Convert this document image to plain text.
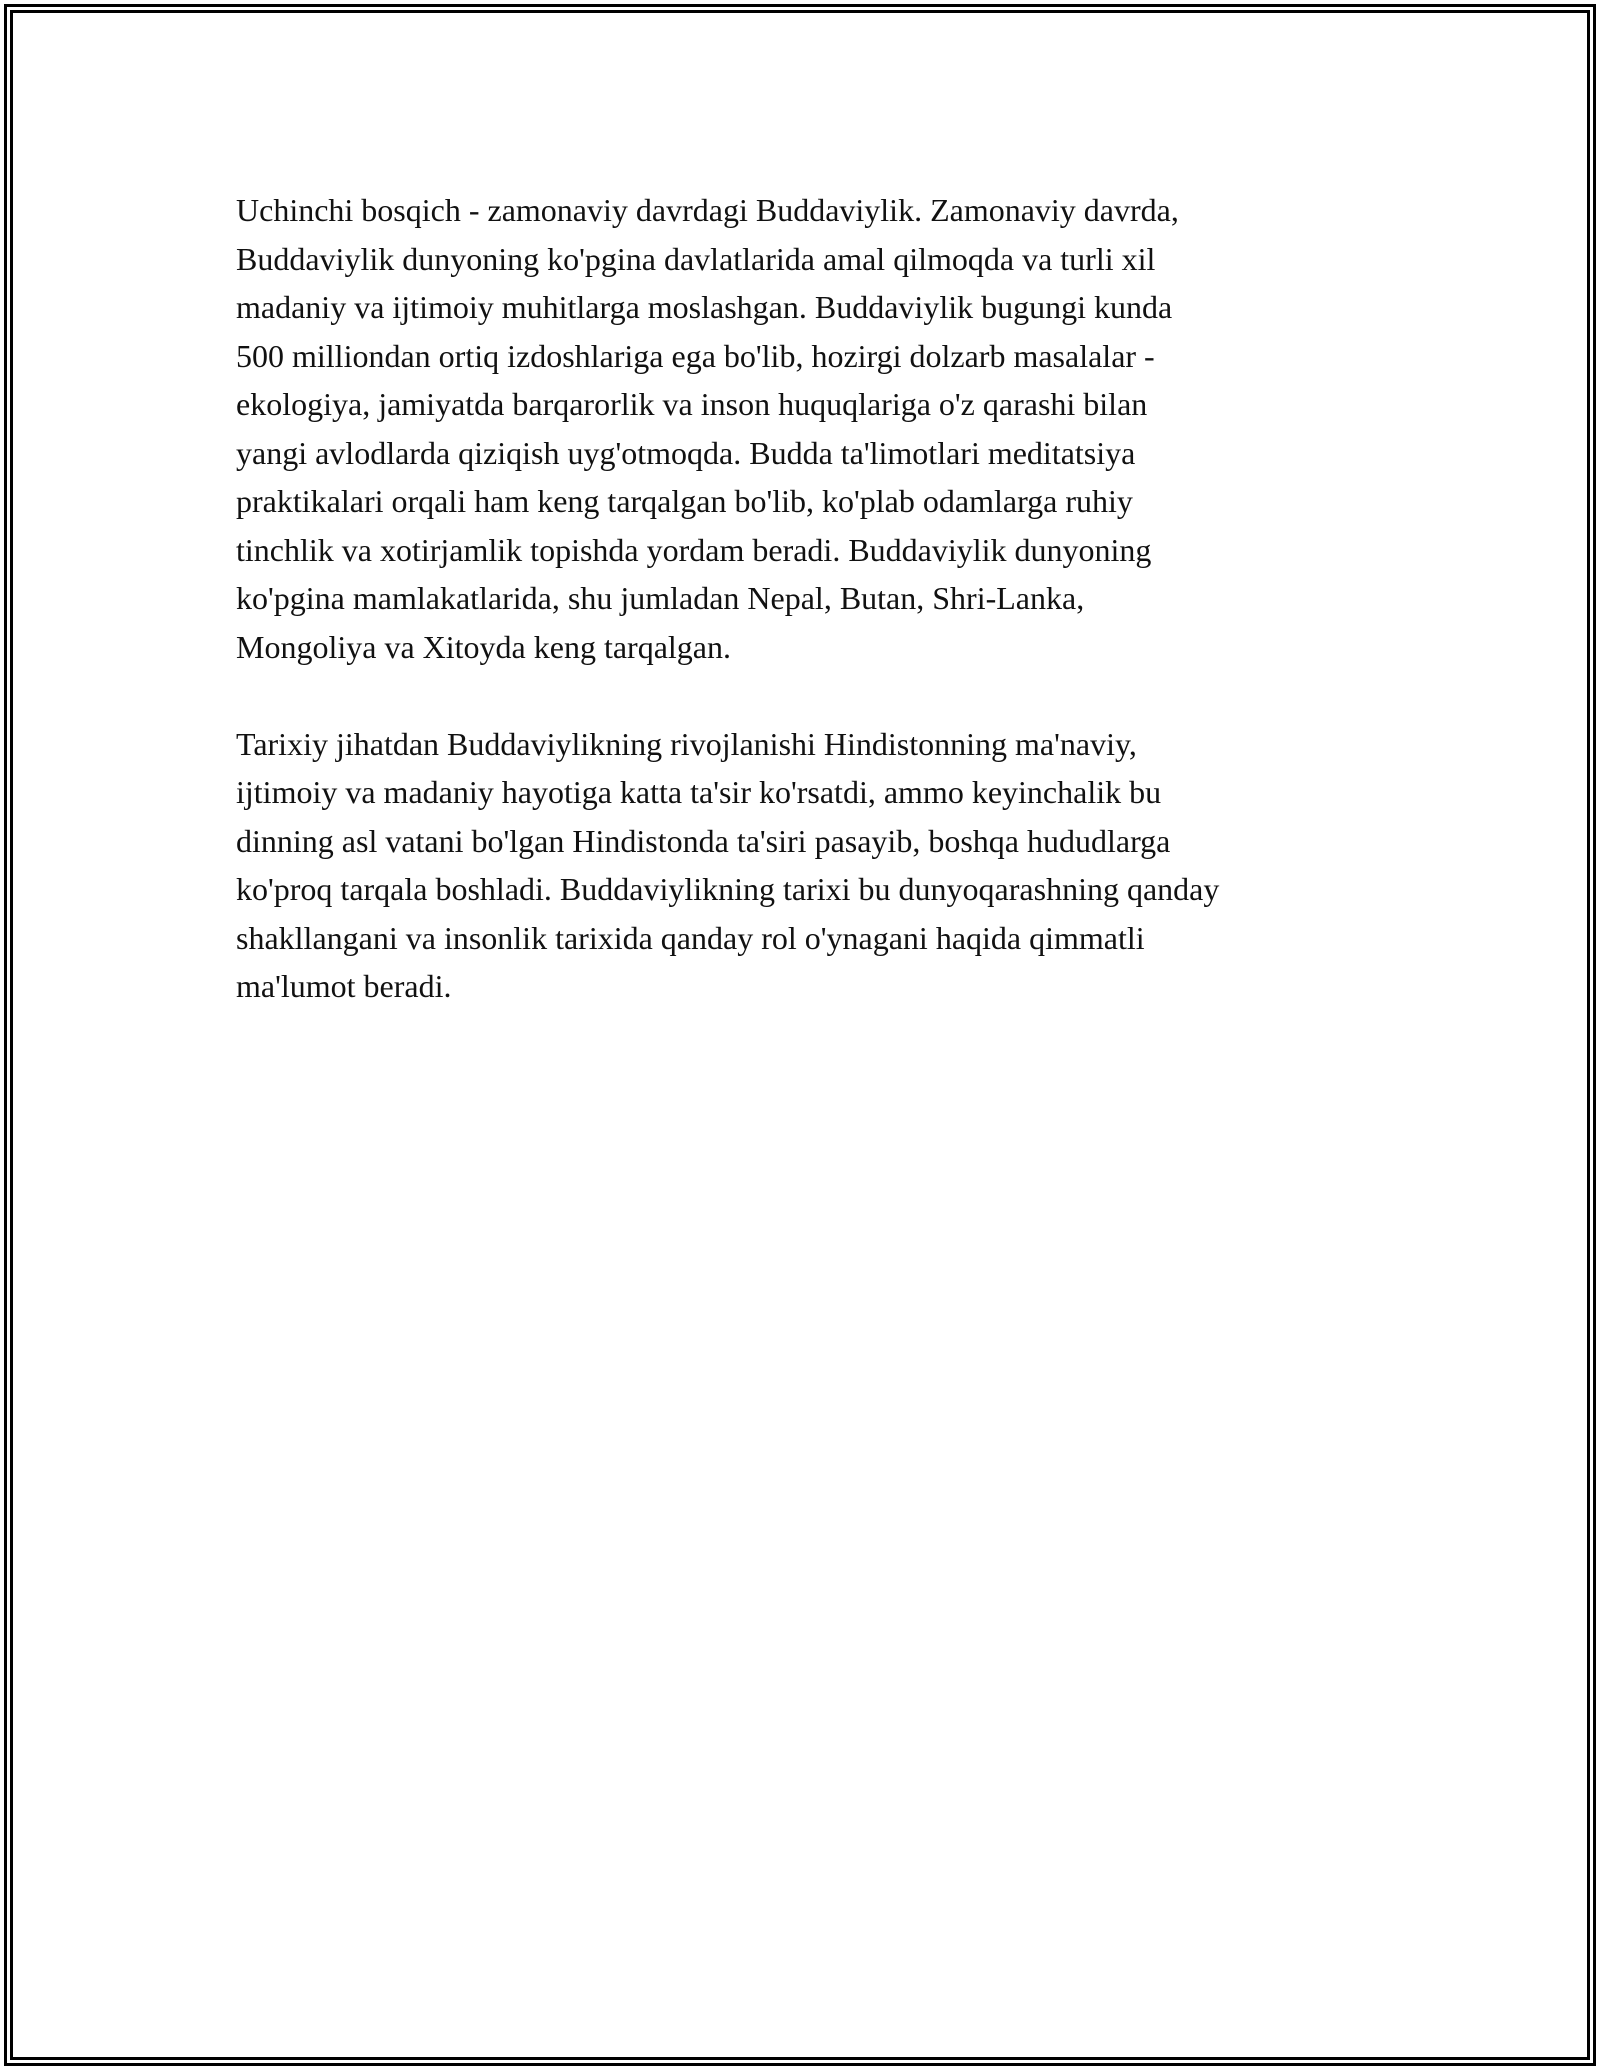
Uchinchi bosqich - zamonaviy davrdagi Buddaviylik. Zamonaviy davrda,
Buddaviylik dunyoning ko'pgina davlatlarida amal qilmoqda va turli xil
madaniy va ijtimoiy muhitlarga moslashgan. Buddaviylik bugungi kunda
500 milliondan ortiq izdoshlariga ega bo'lib, hozirgi dolzarb masalalar -
ekologiya, jamiyatda barqarorlik va inson huquqlariga o'z qarashi bilan
yangi avlodlarda qiziqish uyg'otmoqda. Budda ta'limotlari meditatsiya
praktikalari orqali ham keng tarqalgan bo'lib, ko'plab odamlarga ruhiy
tinchlik va xotirjamlik topishda yordam beradi. Buddaviylik dunyoning
ko'pgina mamlakatlarida, shu jumladan Nepal, Butan, Shri-Lanka,
Mongoliya va Xitoyda keng tarqalgan.

Tarixiy jihatdan Buddaviylikning rivojlanishi Hindistonning ma'naviy,
ijtimoiy va madaniy hayotiga katta ta'sir ko'rsatdi, ammo keyinchalik bu
dinning asl vatani bo'lgan Hindistonda ta'siri pasayib, boshqa hududlarga
ko'proq tarqala boshladi. Buddaviylikning tarixi bu dunyoqarashning qanday
shakllangani va insonlik tarixida qanday rol o'ynagani haqida qimmatli
ma'lumot beradi.
